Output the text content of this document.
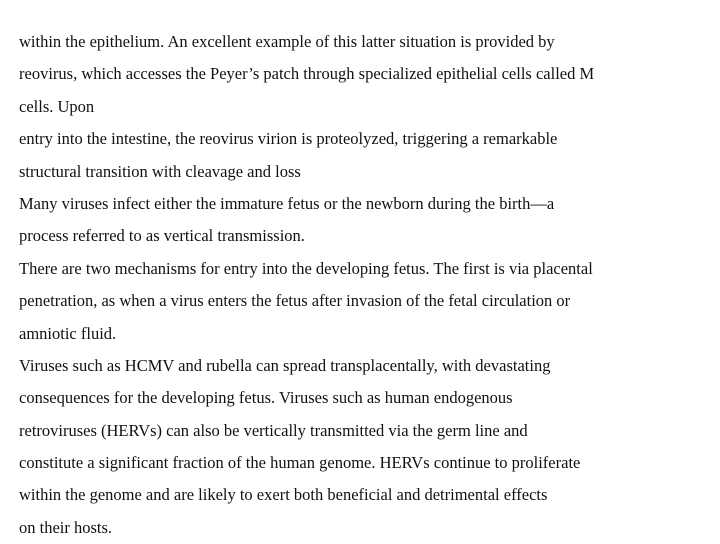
within the epithelium. An excellent example of this latter situation is provided by
reovirus, which accesses the Peyer’s patch through specialized epithelial cells called M
cells. Upon
entry into the intestine, the reovirus virion is proteolyzed, triggering a remarkable
structural transition with cleavage and loss
Many viruses infect either the immature fetus or the newborn during the birth—a
process referred to as vertical transmission.
There are two mechanisms for entry into the developing fetus. The first is via placental
penetration, as when a virus enters the fetus after invasion of the fetal circulation or
amniotic fluid.
Viruses such as HCMV and rubella can spread transplacentally, with devastating
consequences for the developing fetus. Viruses such as human endogenous
retroviruses (HERVs) can also be vertically transmitted via the germ line and
constitute a significant fraction of the human genome. HERVs continue to proliferate
within the genome and are likely to exert both beneficial and detrimental effects
on their hosts.
